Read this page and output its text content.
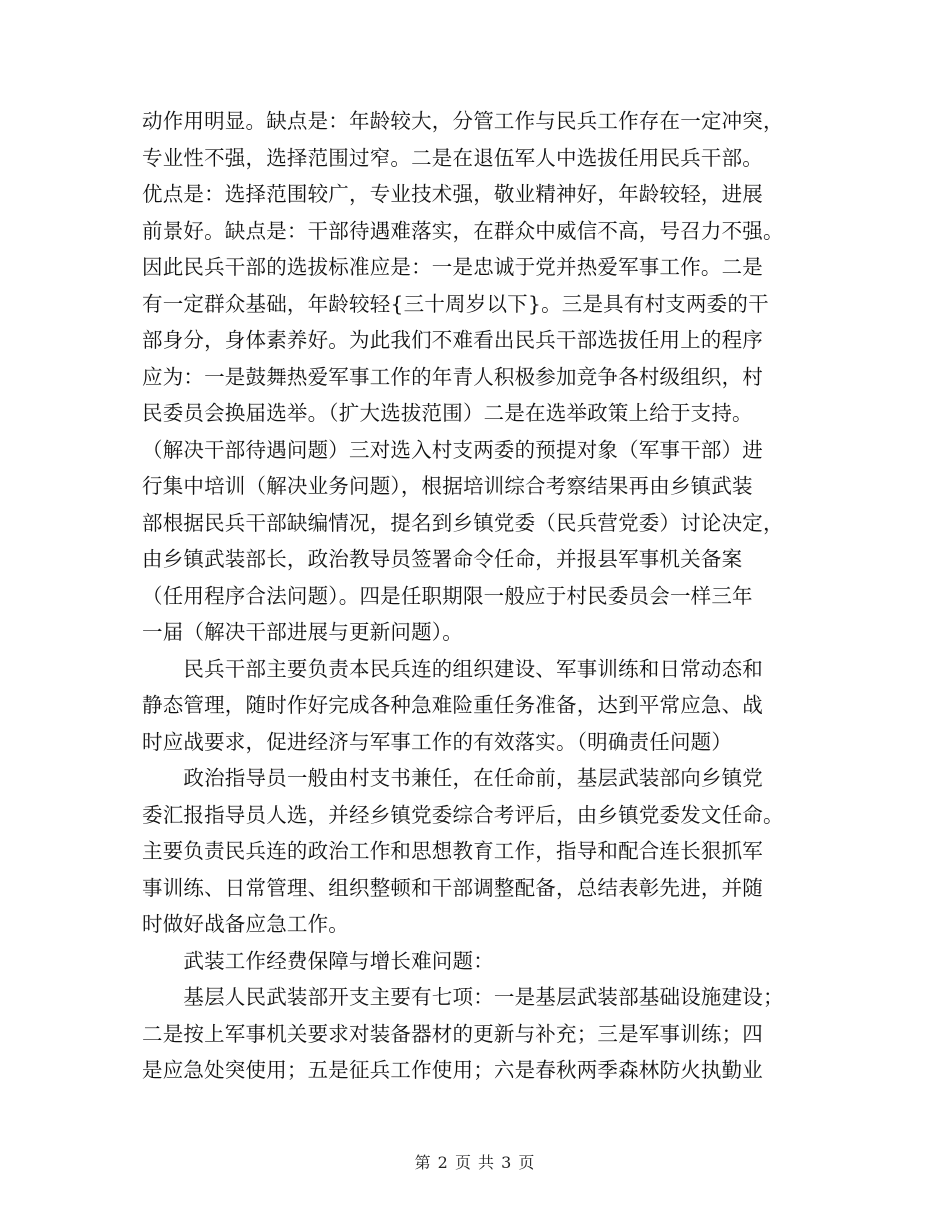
动作用明显。缺点是：年龄较大，分管工作与民兵工作存在一定冲突，
专业性不强，选择范围过窄。二是在退伍军人中选拔任用民兵干部。
优点是：选择范围较广，专业技术强，敬业精神好，年龄较轻，进展
前景好。缺点是：干部待遇难落实，在群众中威信不高，号召力不强。
因此民兵干部的选拔标准应是：一是忠诚于党并热爱军事工作。二是
有一定群众基础，年龄较轻{三十周岁以下}。三是具有村支两委的干
部身分，身体素养好。为此我们不难看出民兵干部选拔任用上的程序
应为：一是鼓舞热爱军事工作的年青人积极参加竞争各村级组织，村
民委员会换届选举。（扩大选拔范围）二是在选举政策上给于支持。
（解决干部待遇问题）三对选入村支两委的预提对象（军事干部）进
行集中培训（解决业务问题），根据培训综合考察结果再由乡镇武装
部根据民兵干部缺编情况，提名到乡镇党委（民兵营党委）讨论决定，
由乡镇武装部长，政治教导员签署命令任命，并报县军事机关备案
（任用程序合法问题）。四是任职期限一般应于村民委员会一样三年
一届（解决干部进展与更新问题）。
　　民兵干部主要负责本民兵连的组织建设、军事训练和日常动态和
静态管理，随时作好完成各种急难险重任务准备，达到平常应急、战
时应战要求，促进经济与军事工作的有效落实。（明确责任问题）
　　政治指导员一般由村支书兼任，在任命前，基层武装部向乡镇党
委汇报指导员人选，并经乡镇党委综合考评后，由乡镇党委发文任命。
主要负责民兵连的政治工作和思想教育工作，指导和配合连长狠抓军
事训练、日常管理、组织整顿和干部调整配备，总结表彰先进，并随
时做好战备应急工作。
　　武装工作经费保障与增长难问题：
　　基层人民武装部开支主要有七项：一是基层武装部基础设施建设；
二是按上军事机关要求对装备器材的更新与补充；三是军事训练；四
是应急处突使用；五是征兵工作使用；六是春秋两季森林防火执勤业
第 2 页 共 3 页
